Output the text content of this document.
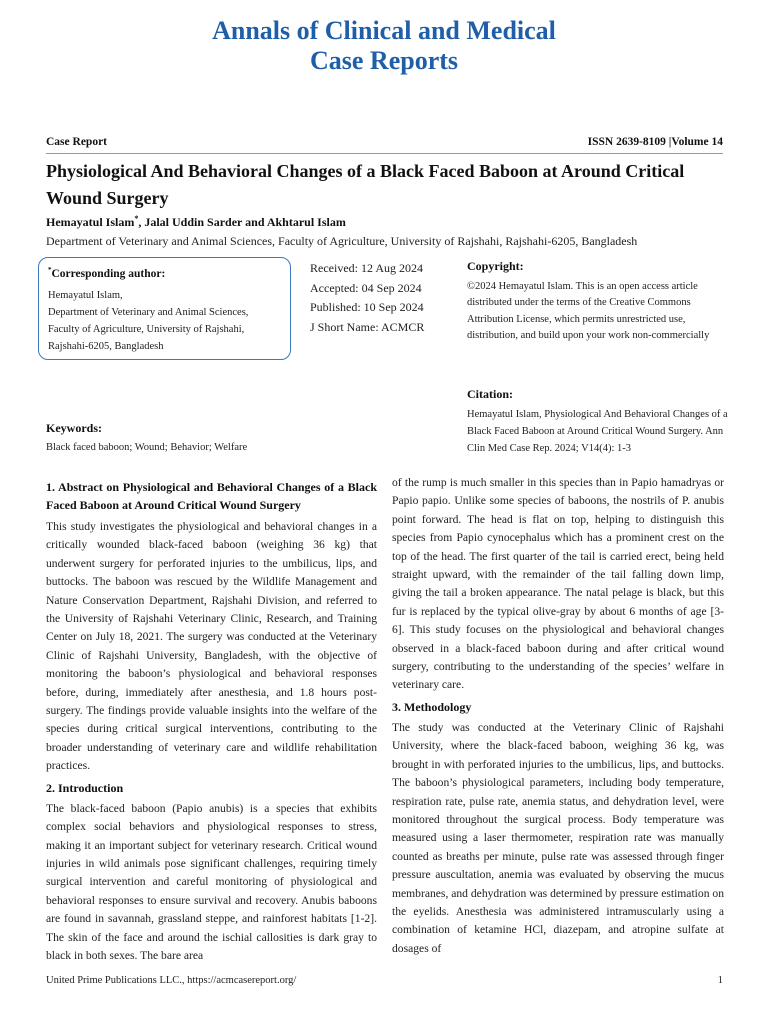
Annals of Clinical and Medical
Case Reports
Case Report	ISSN 2639-8109 |Volume 14
Physiological And Behavioral Changes of a Black Faced Baboon at Around Critical Wound Surgery
Hemayatul Islam*, Jalal Uddin Sarder and Akhtarul Islam
Department of Veterinary and Animal Sciences, Faculty of Agriculture, University of Rajshahi, Rajshahi-6205, Bangladesh
*Corresponding author:
Hemayatul Islam,
Department of Veterinary and Animal Sciences,
Faculty of Agriculture, University of Rajshahi,
Rajshahi-6205, Bangladesh
Received: 12 Aug 2024
Accepted: 04 Sep 2024
Published: 10 Sep 2024
J Short Name: ACMCR
Copyright:
©2024 Hemayatul Islam. This is an open access article distributed under the terms of the Creative Commons Attribution License, which permits unrestricted use, distribution, and build upon your work non-commercially
Citation:
Hemayatul Islam, Physiological And Behavioral Changes of a Black Faced Baboon at Around Critical Wound Surgery. Ann Clin Med Case Rep. 2024; V14(4): 1-3
Keywords:
Black faced baboon; Wound; Behavior; Welfare
1. Abstract on Physiological and Behavioral Changes of a Black Faced Baboon at Around Critical Wound Surgery

This study investigates the physiological and behavioral changes in a critically wounded black-faced baboon (weighing 36 kg) that underwent surgery for perforated injuries to the umbilicus, lips, and buttocks. The baboon was rescued by the Wildlife Management and Nature Conservation Department, Rajshahi Division, and referred to the University of Rajshahi Veterinary Clinic, Research, and Training Center on July 18, 2021. The surgery was conducted at the Veterinary Clinic of Rajshahi University, Bangladesh, with the objective of monitoring the baboon’s physiological and behavioral responses before, during, immediately after anesthesia, and 1.8 hours post-surgery. The findings provide valuable insights into the welfare of the species during critical surgical interventions, contributing to the broader understanding of veterinary care and wildlife rehabilitation practices.

2. Introduction

The black-faced baboon (Papio anubis) is a species that exhibits complex social behaviors and physiological responses to stress, making it an important subject for veterinary research. Critical wound injuries in wild animals pose significant challenges, requiring timely surgical intervention and careful monitoring of physiological and behavioral responses to ensure survival and recovery. Anubis baboons are found in savannah, grassland steppe, and rainforest habitats [1-2]. The skin of the face and around the ischial callosities is dark gray to black in both sexes. The bare area

of the rump is much smaller in this species than in Papio hamadryas or Papio papio. Unlike some species of baboons, the nostrils of P. anubis point forward. The head is flat on top, helping to distinguish this species from Papio cynocephalus which has a prominent crest on the top of the head. The first quarter of the tail is carried erect, being held straight upward, with the remainder of the tail falling down limp, giving the tail a broken appearance. The natal pelage is black, but this fur is replaced by the typical olive-gray by about 6 months of age [3-6]. This study focuses on the physiological and behavioral changes observed in a black-faced baboon during and after critical wound surgery, contributing to the understanding of the species’ welfare in veterinary care.

3. Methodology

The study was conducted at the Veterinary Clinic of Rajshahi University, where the black-faced baboon, weighing 36 kg, was brought in with perforated injuries to the umbilicus, lips, and buttocks. The baboon’s physiological parameters, including body temperature, respiration rate, pulse rate, anemia status, and dehydration level, were monitored throughout the surgical process. Body temperature was measured using a laser thermometer, respiration rate was manually counted as breaths per minute, pulse rate was assessed through finger pressure auscultation, anemia was evaluated by observing the mucus membranes, and dehydration was determined by pressure estimation on the eyelids. Anesthesia was administered intramuscularly using a combination of ketamine HCl, diazepam, and atropine sulfate at dosages of

United Prime Publications LLC., https://acmcasereport.org/	1
